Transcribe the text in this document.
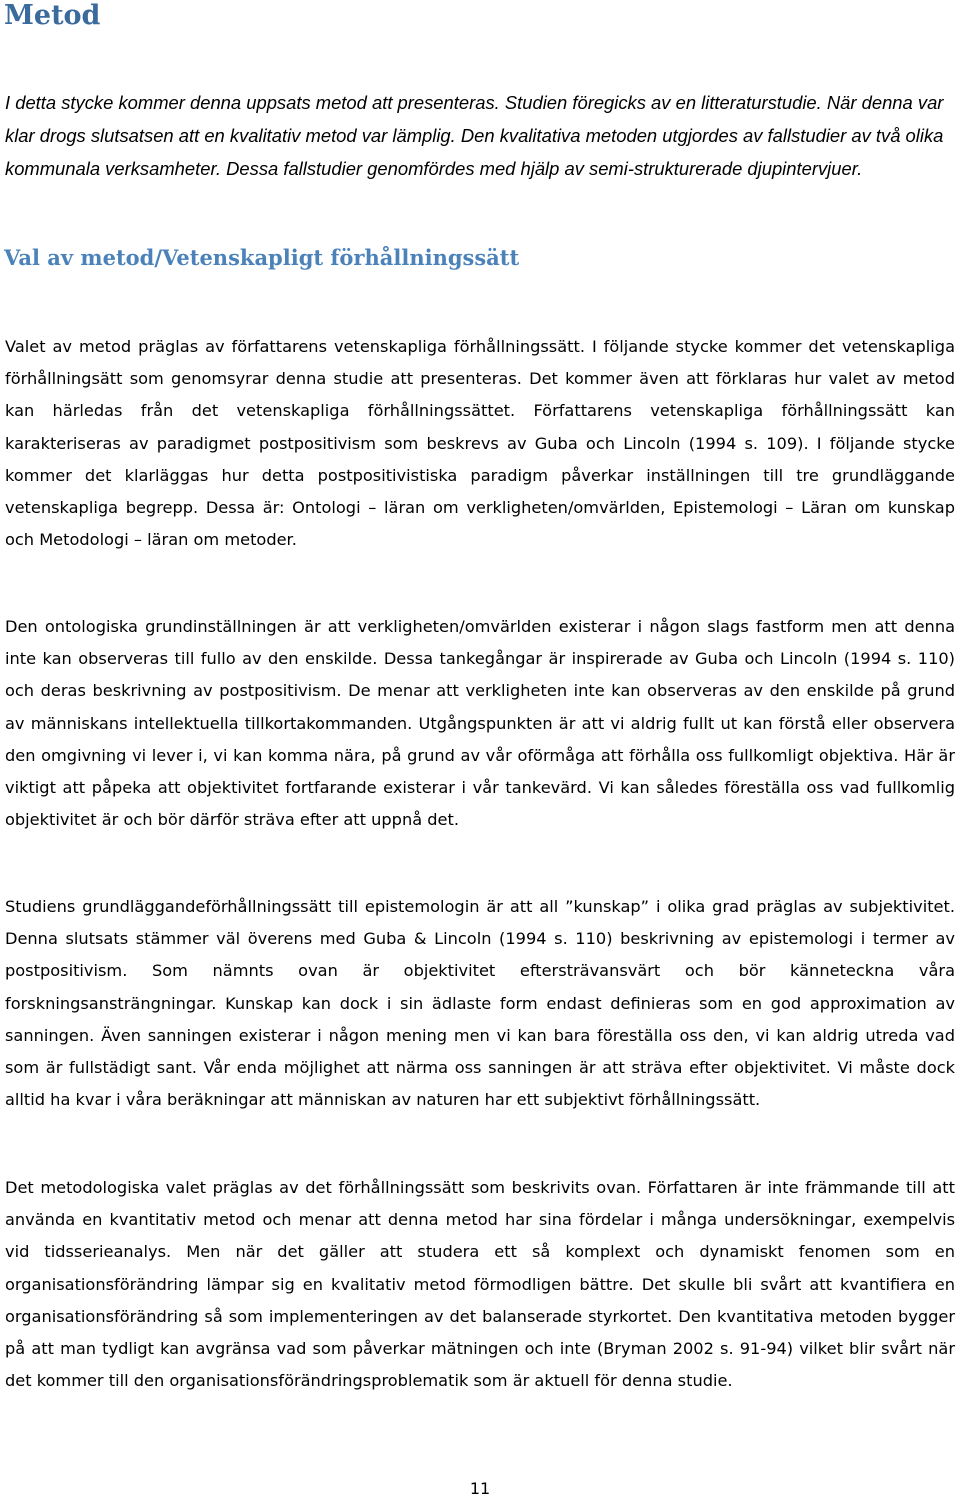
Metod

I detta stycke kommer denna uppsats metod att presenteras. Studien föregicks av en litteraturstudie. När denna var klar drogs slutsatsen att en kvalitativ metod var lämplig. Den kvalitativa metoden utgjordes av fallstudier av två olika kommunala verksamheter. Dessa fallstudier genomfördes med hjälp av semi-strukturerade djupintervjuer.

Val av metod/Vetenskapligt förhållningssätt

Valet av metod präglas av författarens vetenskapliga förhållningssätt. I följande stycke kommer det vetenskapliga förhållningsätt som genomsyrar denna studie att presenteras. Det kommer även att förklaras hur valet av metod kan härledas från det vetenskapliga förhållningssättet. Författarens vetenskapliga förhållningssätt kan karakteriseras av paradigmet postpositivism som beskrevs av Guba och Lincoln (1994 s. 109). I följande stycke kommer det klarläggas hur detta postpositivistiska paradigm påverkar inställningen till tre grundläggande vetenskapliga begrepp. Dessa är: Ontologi – läran om verkligheten/omvärlden, Epistemologi – Läran om kunskap och Metodologi – läran om metoder.

Den ontologiska grundinställningen är att verkligheten/omvärlden existerar i någon slags fastform men att denna inte kan observeras till fullo av den enskilde. Dessa tankegångar är inspirerade av Guba och Lincoln (1994 s. 110) och deras beskrivning av postpositivism. De menar att verkligheten inte kan observeras av den enskilde på grund av människans intellektuella tillkortakommanden. Utgångspunkten är att vi aldrig fullt ut kan förstå eller observera den omgivning vi lever i, vi kan komma nära, på grund av vår oförmåga att förhålla oss fullkomligt objektiva. Här är viktigt att påpeka att objektivitet fortfarande existerar i vår tankevärd. Vi kan således föreställa oss vad fullkomlig objektivitet är och bör därför sträva efter att uppnå det.

Studiens grundläggandeförhållningssätt till epistemologin är att all ”kunskap” i olika grad präglas av subjektivitet. Denna slutsats stämmer väl överens med Guba & Lincoln (1994 s. 110) beskrivning av epistemologi i termer av postpositivism. Som nämnts ovan är objektivitet eftersträvansvärt och bör känneteckna våra forskningsansträngningar. Kunskap kan dock i sin ädlaste form endast definieras som en god approximation av sanningen. Även sanningen existerar i någon mening men vi kan bara föreställa oss den, vi kan aldrig utreda vad som är fullstädigt sant. Vår enda möjlighet att närma oss sanningen är att sträva efter objektivitet. Vi måste dock alltid ha kvar i våra beräkningar att människan av naturen har ett subjektivt förhållningssätt.

Det metodologiska valet präglas av det förhållningssätt som beskrivits ovan. Författaren är inte främmande till att använda en kvantitativ metod och menar att denna metod har sina fördelar i många undersökningar, exempelvis vid tidsserieanalys. Men när det gäller att studera ett så komplext och dynamiskt fenomen som en organisationsförändring lämpar sig en kvalitativ metod förmodligen bättre. Det skulle bli svårt att kvantifiera en organisationsförändring så som implementeringen av det balanserade styrkortet. Den kvantitativa metoden bygger på att man tydligt kan avgränsa vad som påverkar mätningen och inte (Bryman 2002 s. 91-94) vilket blir svårt när det kommer till den organisationsförändringsproblematik som är aktuell för denna studie.

11
